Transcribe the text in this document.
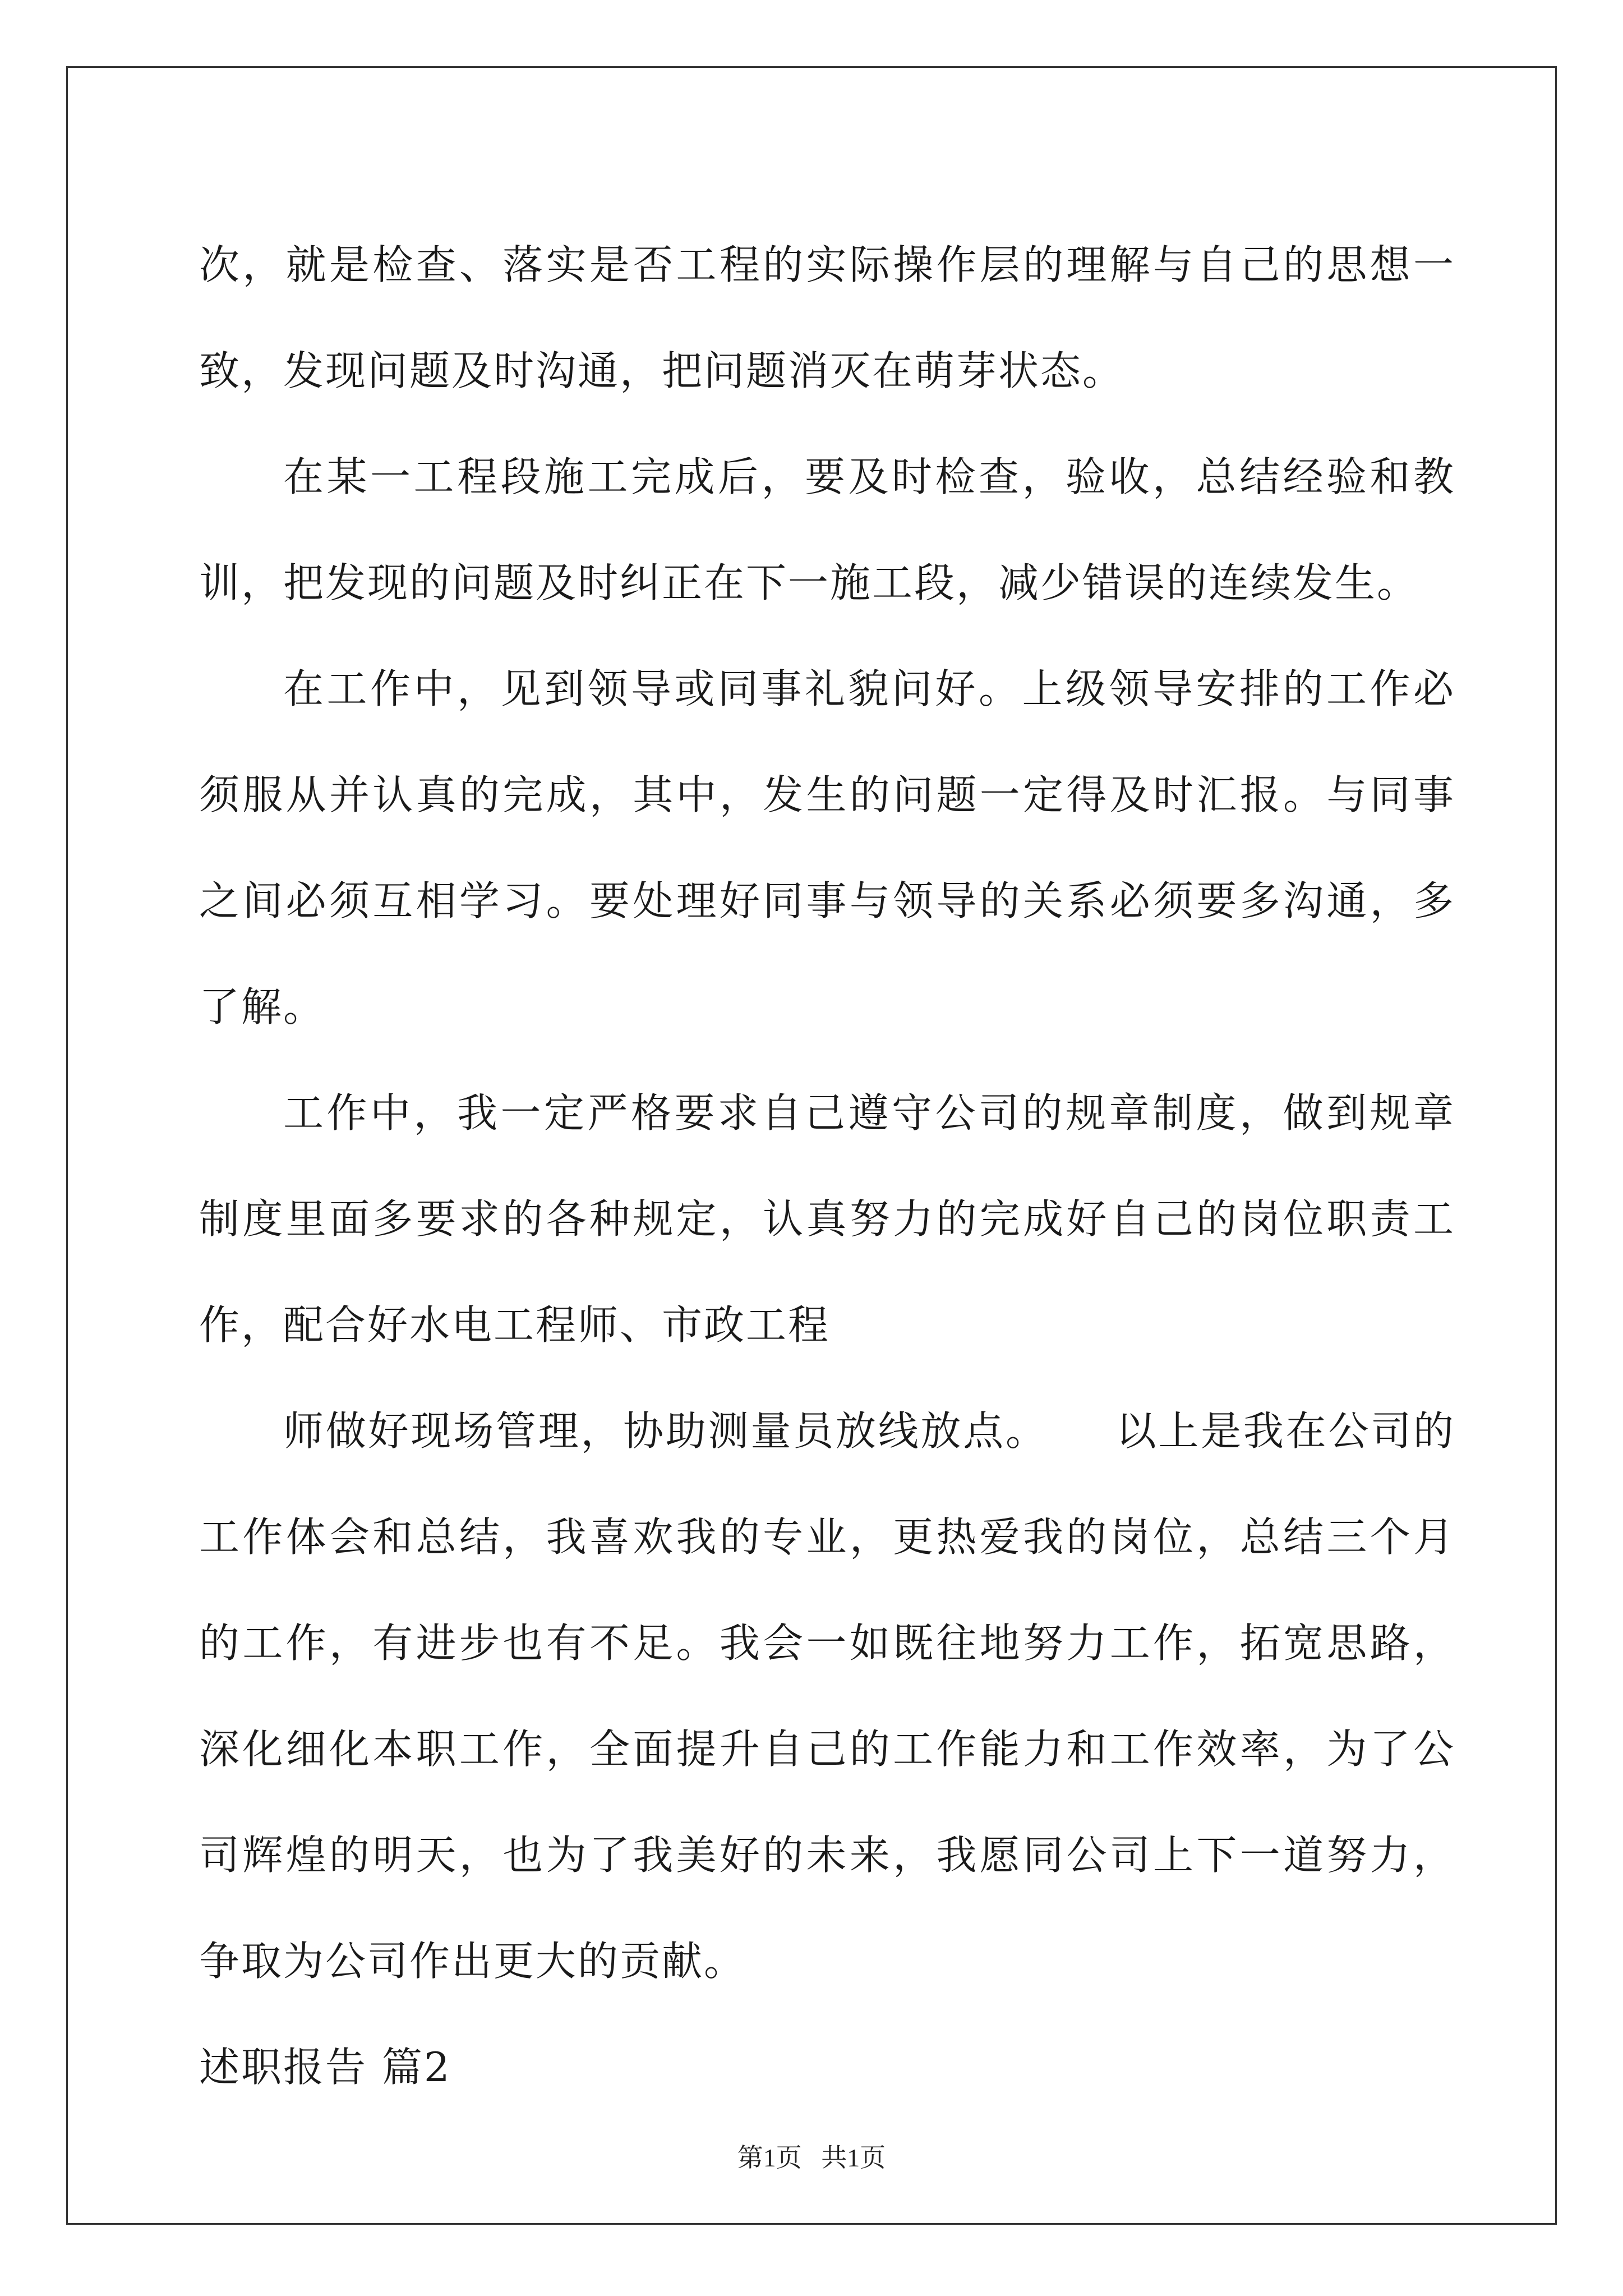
次，就是检查、落实是否工程的实际操作层的理解与自己的思想一致，发现问题及时沟通，把问题消灭在萌芽状态。

在某一工程段施工完成后，要及时检查，验收，总结经验和教训，把发现的问题及时纠正在下一施工段，减少错误的连续发生。

在工作中，见到领导或同事礼貌问好。上级领导安排的工作必须服从并认真的完成，其中，发生的问题一定得及时汇报。与同事之间必须互相学习。要处理好同事与领导的关系必须要多沟通，多了解。

工作中，我一定严格要求自己遵守公司的规章制度，做到规章制度里面多要求的各种规定，认真努力的完成好自己的岗位职责工作，配合好水电工程师、市政工程

师做好现场管理，协助测量员放线放点。 以上是我在公司的工作体会和总结，我喜欢我的专业，更热爱我的岗位，总结三个月的工作，有进步也有不足。我会一如既往地努力工作，拓宽思路，深化细化本职工作，全面提升自己的工作能力和工作效率，为了公司辉煌的明天，也为了我美好的未来，我愿同公司上下一道努力，争取为公司作出更大的贡献。

述职报告 篇2

第1页 共1页
